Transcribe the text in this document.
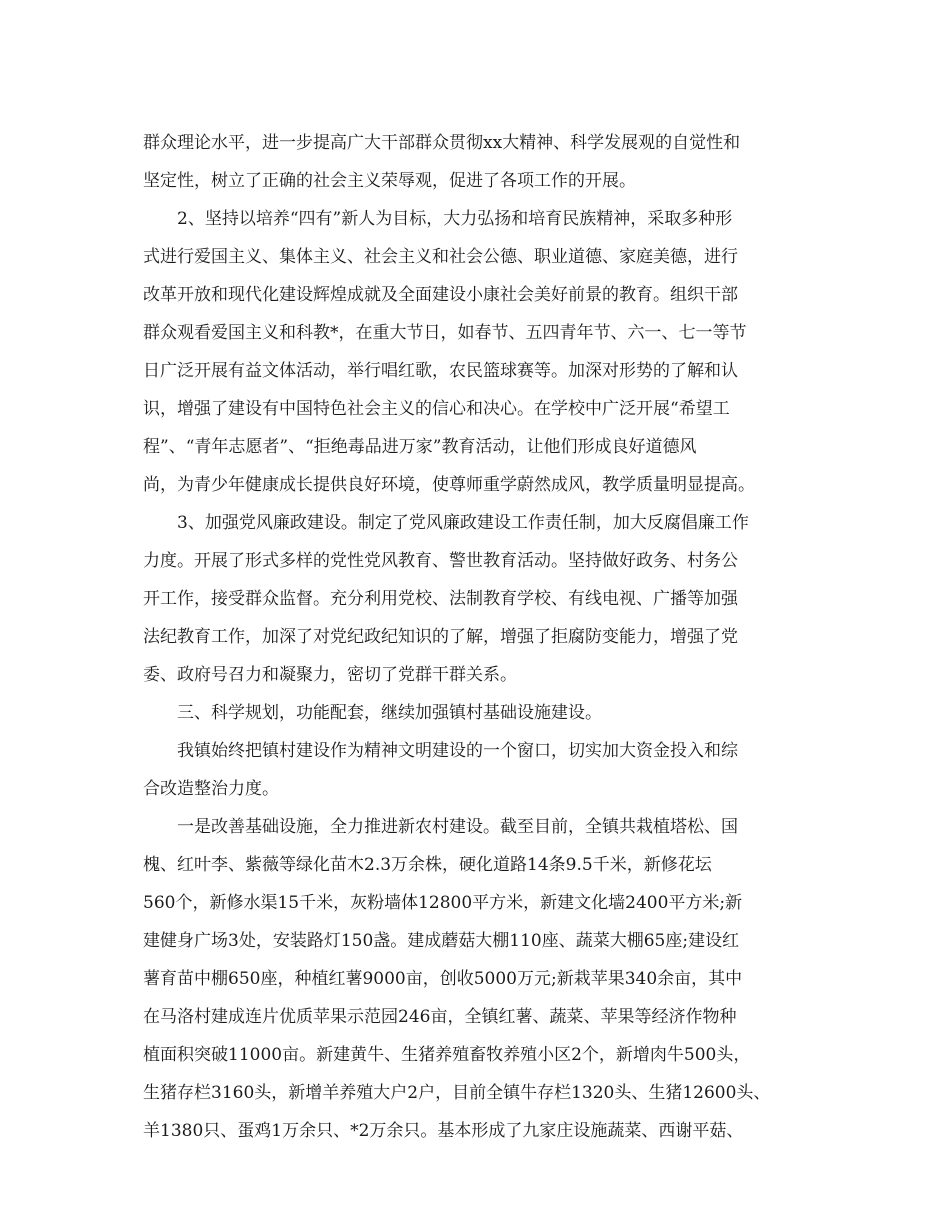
群众理论水平，进一步提高广大干部群众贯彻xx大精神、科学发展观的自觉性和
坚定性，树立了正确的社会主义荣辱观，促进了各项工作的开展。
2、坚持以培养“四有”新人为目标，大力弘扬和培育民族精神，采取多种形
式进行爱国主义、集体主义、社会主义和社会公德、职业道德、家庭美德，进行
改革开放和现代化建设辉煌成就及全面建设小康社会美好前景的教育。组织干部
群众观看爱国主义和科教*，在重大节日，如春节、五四青年节、六一、七一等节
日广泛开展有益文体活动，举行唱红歌，农民篮球赛等。加深对形势的了解和认
识，增强了建设有中国特色社会主义的信心和决心。在学校中广泛开展“希望工
程”、“青年志愿者”、“拒绝毒品进万家”教育活动，让他们形成良好道德风
尚，为青少年健康成长提供良好环境，使尊师重学蔚然成风，教学质量明显提高。
3、加强党风廉政建设。制定了党风廉政建设工作责任制，加大反腐倡廉工作
力度。开展了形式多样的党性党风教育、警世教育活动。坚持做好政务、村务公
开工作，接受群众监督。充分利用党校、法制教育学校、有线电视、广播等加强
法纪教育工作，加深了对党纪政纪知识的了解，增强了拒腐防变能力，增强了党
委、政府号召力和凝聚力，密切了党群干群关系。
三、科学规划，功能配套，继续加强镇村基础设施建设。
我镇始终把镇村建设作为精神文明建设的一个窗口，切实加大资金投入和综
合改造整治力度。
一是改善基础设施，全力推进新农村建设。截至目前，全镇共栽植塔松、国
槐、红叶李、紫薇等绿化苗木2.3万余株，硬化道路14条9.5千米，新修花坛
560个，新修水渠15千米，灰粉墙体12800平方米，新建文化墙2400平方米;新
建健身广场3处，安装路灯150盏。建成蘑菇大棚110座、蔬菜大棚65座;建设红
薯育苗中棚650座，种植红薯9000亩，创收5000万元;新栽苹果340余亩，其中
在马洛村建成连片优质苹果示范园246亩，全镇红薯、蔬菜、苹果等经济作物种
植面积突破11000亩。新建黄牛、生猪养殖畜牧养殖小区2个，新增肉牛500头，
生猪存栏3160头，新增羊养殖大户2户，目前全镇牛存栏1320头、生猪12600头、
羊1380只、蛋鸡1万余只、*2万余只。基本形成了九家庄设施蔬菜、西谢平菇、
